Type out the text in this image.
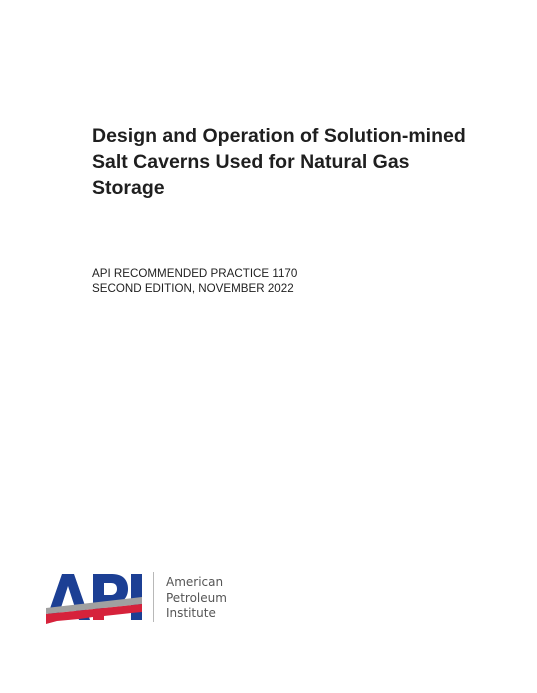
Design and Operation of Solution-mined
Salt Caverns Used for Natural Gas
Storage
API RECOMMENDED PRACTICE 1170
SECOND EDITION, NOVEMBER 2022
American
Petroleum
Institute
